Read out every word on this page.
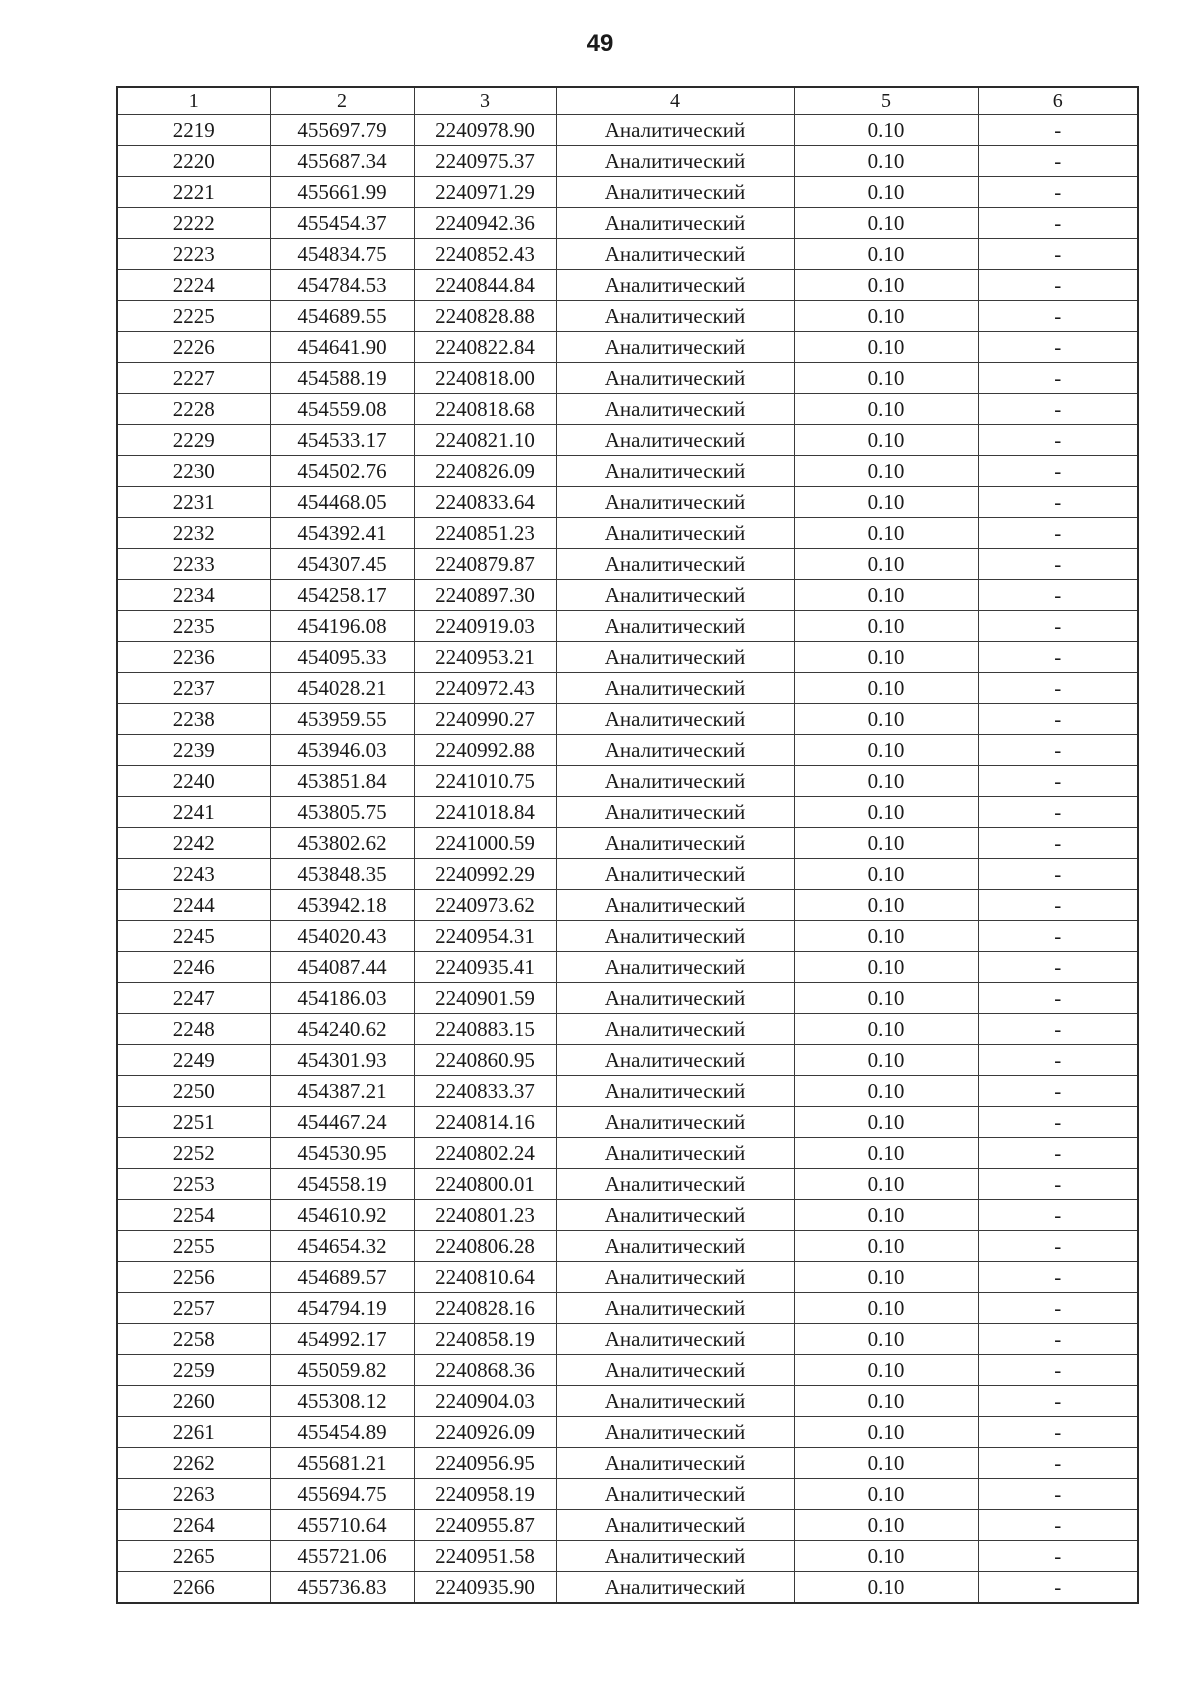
49
1	2	3	4	5	6
2219	455697.79	2240978.90	Аналитический	0.10	-
2220	455687.34	2240975.37	Аналитический	0.10	-
2221	455661.99	2240971.29	Аналитический	0.10	-
2222	455454.37	2240942.36	Аналитический	0.10	-
2223	454834.75	2240852.43	Аналитический	0.10	-
2224	454784.53	2240844.84	Аналитический	0.10	-
2225	454689.55	2240828.88	Аналитический	0.10	-
2226	454641.90	2240822.84	Аналитический	0.10	-
2227	454588.19	2240818.00	Аналитический	0.10	-
2228	454559.08	2240818.68	Аналитический	0.10	-
2229	454533.17	2240821.10	Аналитический	0.10	-
2230	454502.76	2240826.09	Аналитический	0.10	-
2231	454468.05	2240833.64	Аналитический	0.10	-
2232	454392.41	2240851.23	Аналитический	0.10	-
2233	454307.45	2240879.87	Аналитический	0.10	-
2234	454258.17	2240897.30	Аналитический	0.10	-
2235	454196.08	2240919.03	Аналитический	0.10	-
2236	454095.33	2240953.21	Аналитический	0.10	-
2237	454028.21	2240972.43	Аналитический	0.10	-
2238	453959.55	2240990.27	Аналитический	0.10	-
2239	453946.03	2240992.88	Аналитический	0.10	-
2240	453851.84	2241010.75	Аналитический	0.10	-
2241	453805.75	2241018.84	Аналитический	0.10	-
2242	453802.62	2241000.59	Аналитический	0.10	-
2243	453848.35	2240992.29	Аналитический	0.10	-
2244	453942.18	2240973.62	Аналитический	0.10	-
2245	454020.43	2240954.31	Аналитический	0.10	-
2246	454087.44	2240935.41	Аналитический	0.10	-
2247	454186.03	2240901.59	Аналитический	0.10	-
2248	454240.62	2240883.15	Аналитический	0.10	-
2249	454301.93	2240860.95	Аналитический	0.10	-
2250	454387.21	2240833.37	Аналитический	0.10	-
2251	454467.24	2240814.16	Аналитический	0.10	-
2252	454530.95	2240802.24	Аналитический	0.10	-
2253	454558.19	2240800.01	Аналитический	0.10	-
2254	454610.92	2240801.23	Аналитический	0.10	-
2255	454654.32	2240806.28	Аналитический	0.10	-
2256	454689.57	2240810.64	Аналитический	0.10	-
2257	454794.19	2240828.16	Аналитический	0.10	-
2258	454992.17	2240858.19	Аналитический	0.10	-
2259	455059.82	2240868.36	Аналитический	0.10	-
2260	455308.12	2240904.03	Аналитический	0.10	-
2261	455454.89	2240926.09	Аналитический	0.10	-
2262	455681.21	2240956.95	Аналитический	0.10	-
2263	455694.75	2240958.19	Аналитический	0.10	-
2264	455710.64	2240955.87	Аналитический	0.10	-
2265	455721.06	2240951.58	Аналитический	0.10	-
2266	455736.83	2240935.90	Аналитический	0.10	-
